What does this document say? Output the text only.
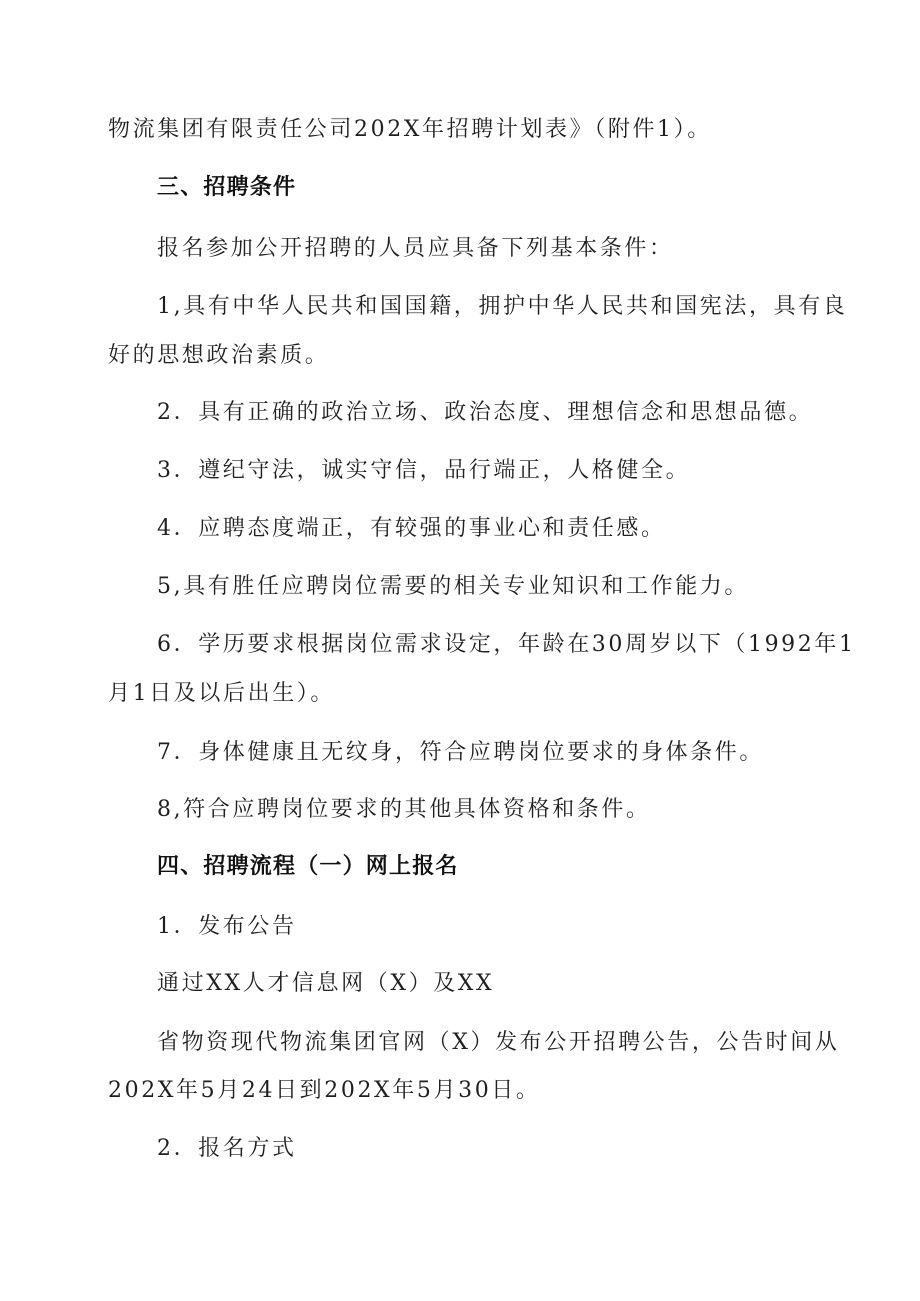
物流集团有限责任公司202X年招聘计划表》（附件1）。
三、招聘条件
报名参加公开招聘的人员应具备下列基本条件：
1,具有中华人民共和国国籍，拥护中华人民共和国宪法，具有良
好的思想政治素质。
2．具有正确的政治立场、政治态度、理想信念和思想品德。
3．遵纪守法，诚实守信，品行端正，人格健全。
4．应聘态度端正，有较强的事业心和责任感。
5,具有胜任应聘岗位需要的相关专业知识和工作能力。
6．学历要求根据岗位需求设定，年龄在30周岁以下（1992年1
月1日及以后出生）。
7．身体健康且无纹身，符合应聘岗位要求的身体条件。
8,符合应聘岗位要求的其他具体资格和条件。
四、招聘流程（一）网上报名
1．发布公告
通过XX人才信息网（X）及XX
省物资现代物流集团官网（X）发布公开招聘公告，公告时间从
202X年5月24日到202X年5月30日。
2．报名方式
